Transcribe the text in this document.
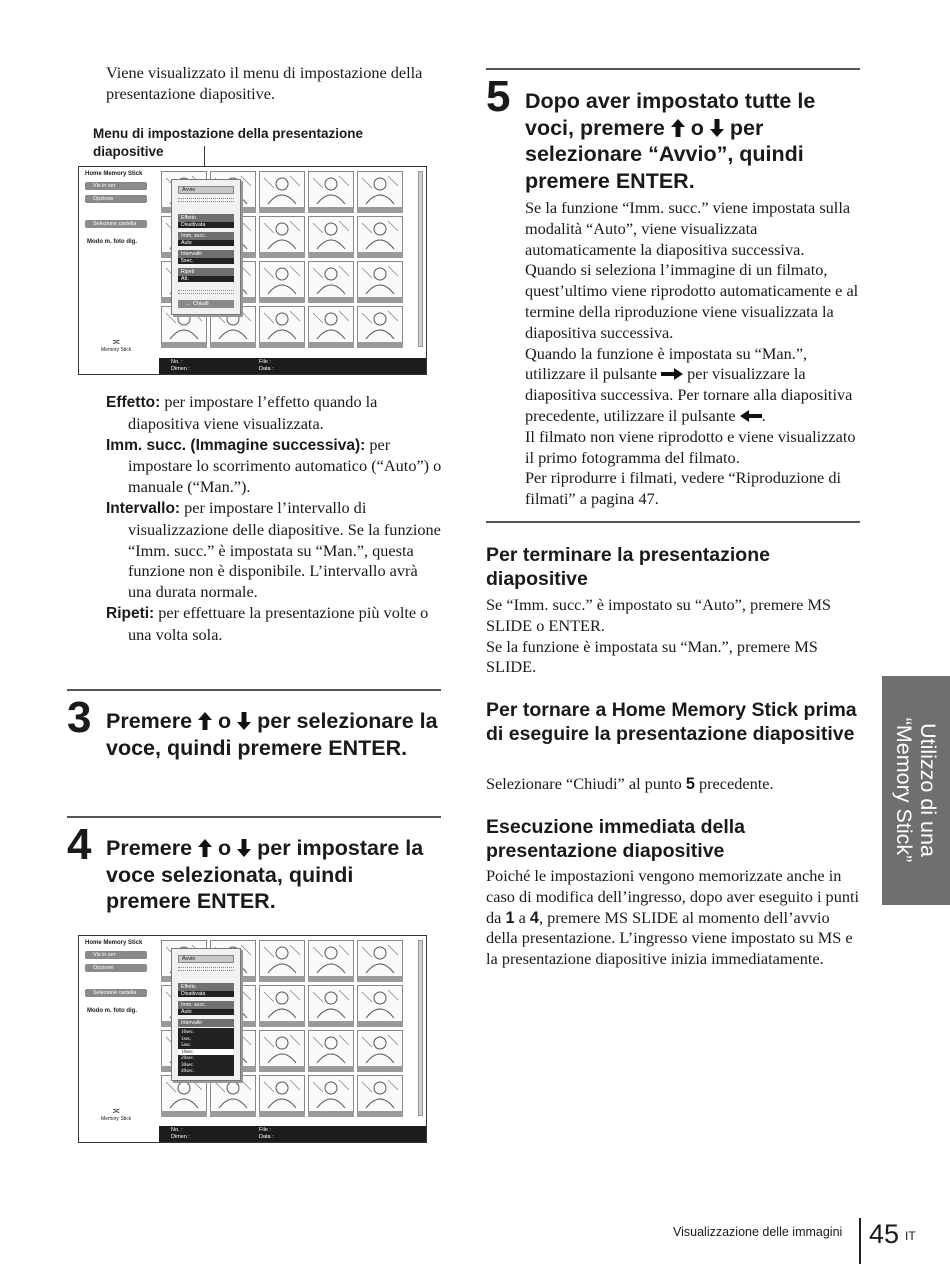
Viene visualizzato il menu di impostazione della presentazione diapositive.
Menu di impostazione della presentazione diapositive
Home Memory Stick
Vis in ser
Opzione
Selezione cartella
Modo m. foto dig.
≍
Memory Stick
Avvio
Effetto
Disattivata
Imm. succ.
Auto
Intervallo
5sec.
Ripeti
Att.
← Chiudi
No. :	File :
Dimen :	Data :

Effetto: per impostare l’effetto quando la diapositiva viene visualizzata.

Imm. succ. (Immagine successiva): per impostare lo scorrimento automatico (“Auto”) o manuale (“Man.”).

Intervallo: per impostare l’intervallo di visualizzazione delle diapositive. Se la funzione “Imm. succ.” è impostata su “Man.”, questa funzione non è disponibile. L’intervallo avrà una durata normale.

Ripeti: per effettuare la presentazione più volte o una volta sola.

3 Premere  o  per selezionare la voce, quindi premere ENTER.
4 Premere  o  per impostare la voce selezionata, quindi premere ENTER.
Home Memory Stick
Vis in ser
Opzione
Selezione cartella
Modo m. foto dig.
≍
Memory Stick
Avvio
Effetto
Disattivata
Imm. succ.
Auto
Intervallo
10sec.
1sec.
5sec.
10sec.
20sec.
30sec.
40sec.
No. :	File :
Dimen :	Data :
5 Dopo aver impostato tutte le voci, premere  o  per selezionare “Avvio”, quindi premere ENTER.

Se la funzione “Imm. succ.” viene impostata sulla modalità “Auto”, viene visualizzata automaticamente la diapositiva successiva.

Quando si seleziona l’immagine di un filmato, quest’ultimo viene riprodotto automaticamente e al termine della riproduzione viene visualizzata la diapositiva successiva.

Quando la funzione è impostata su “Man.”, utilizzare il pulsante  per visualizzare la diapositiva successiva. Per tornare alla diapositiva precedente, utilizzare il pulsante .

Il filmato non viene riprodotto e viene visualizzato il primo fotogramma del filmato.

Per riprodurre i filmati, vedere “Riproduzione di filmati” a pagina 47.

Per terminare la presentazione diapositive

Se “Imm. succ.” è impostato su “Auto”, premere MS SLIDE o ENTER.

Se la funzione è impostata su “Man.”, premere MS SLIDE.

Per tornare a Home Memory Stick prima di eseguire la presentazione diapositive
Selezionare “Chiudi” al punto 5 precedente.
Esecuzione immediata della presentazione diapositive
Poiché le impostazioni vengono memorizzate anche in caso di modifica dell’ingresso, dopo aver eseguito i punti da 1 a 4, premere MS SLIDE al momento dell’avvio della presentazione. L’ingresso viene impostato su MS e la presentazione diapositive inizia immediatamente.
Utilizzo di una
“Memory Stick”
Visualizzazione delle immagini 45 IT
